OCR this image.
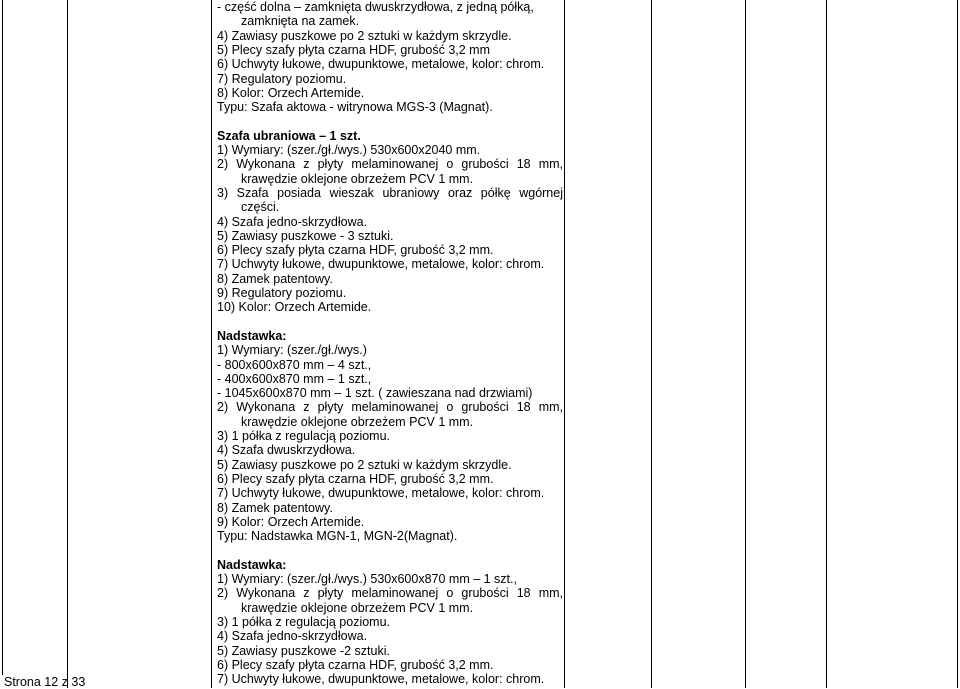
- część dolna – zamknięta dwuskrzydłowa, z jedną półką,
zamknięta na zamek.
4) Zawiasy puszkowe po 2 sztuki w każdym skrzydle.
5) Plecy szafy płyta czarna HDF, grubość 3,2 mm
6) Uchwyty łukowe, dwupunktowe, metalowe, kolor: chrom.
7) Regulatory poziomu.
8) Kolor: Orzech Artemide.
Typu: Szafa aktowa - witrynowa MGS-3 (Magnat).
Szafa ubraniowa – 1 szt.
1) Wymiary: (szer./gł./wys.) 530x600x2040 mm.
2) Wykonana z płyty melaminowanej o grubości 18 mm,
krawędzie oklejone obrzeżem PCV 1 mm.
3) Szafa posiada wieszak ubraniowy oraz półkę wgórnej
części.
4) Szafa jedno-skrzydłowa.
5) Zawiasy puszkowe - 3 sztuki.
6) Plecy szafy płyta czarna HDF, grubość 3,2 mm.
7) Uchwyty łukowe, dwupunktowe, metalowe, kolor: chrom.
8) Zamek patentowy.
9) Regulatory poziomu.
10) Kolor: Orzech Artemide.
Nadstawka:
1) Wymiary: (szer./gł./wys.)
- 800x600x870 mm – 4 szt.,
- 400x600x870 mm – 1 szt.,
- 1045x600x870 mm – 1 szt. ( zawieszana nad drzwiami)
2) Wykonana z płyty melaminowanej o grubości 18 mm,
krawędzie oklejone obrzeżem PCV 1 mm.
3) 1 półka z regulacją poziomu.
4) Szafa dwuskrzydłowa.
5) Zawiasy puszkowe po 2 sztuki w każdym skrzydle.
6) Plecy szafy płyta czarna HDF, grubość 3,2 mm.
7) Uchwyty łukowe, dwupunktowe, metalowe, kolor: chrom.
8) Zamek patentowy.
9) Kolor: Orzech Artemide.
Typu: Nadstawka MGN-1, MGN-2(Magnat).
Nadstawka:
1) Wymiary: (szer./gł./wys.) 530x600x870 mm – 1 szt.,
2) Wykonana z płyty melaminowanej o grubości 18 mm,
krawędzie oklejone obrzeżem PCV 1 mm.
3) 1 półka z regulacją poziomu.
4) Szafa jedno-skrzydłowa.
5) Zawiasy puszkowe -2 sztuki.
6) Plecy szafy płyta czarna HDF, grubość 3,2 mm.
7) Uchwyty łukowe, dwupunktowe, metalowe, kolor: chrom.
Strona 12 z 33
